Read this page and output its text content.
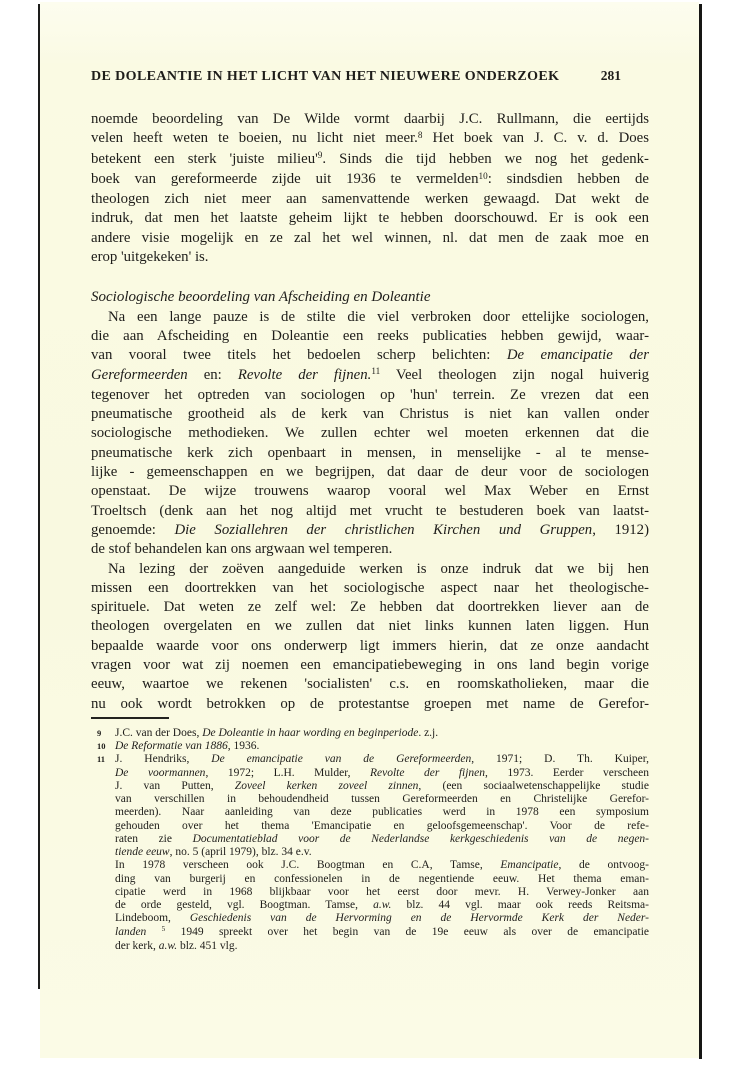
DE DOLEANTIE IN HET LICHT VAN HET NIEUWERE ONDERZOEK	281
noemde beoordeling van De Wilde vormt daarbij J.C. Rullmann, die eertijds
velen heeft weten te boeien, nu licht niet meer.$^8$ Het boek van J. C. v. d. Does
betekent een sterk 'juiste $milieu'^9$. Sinds die tijd hebben we nog het gedenk-
boek van gereformeerde zijde uit 1936 te vermelden$^{10}$: sindsdien hebben de
theologen zich niet meer aan samenvattende werken gewaagd. Dat wekt de
indruk, dat men het laatste geheim lijkt te hebben doorschouwd. Er is ook een
andere visie mogelijk en ze zal het wel winnen, nl. dat men de zaak moe en
erop 'uitgekeken' is.
Sociologische beoordeling van Afscheiding en Doleantie
Na een lange pauze is de stilte die viel verbroken door ettelijke sociologen,
die aan Afscheiding en Doleantie een reeks publicaties hebben gewijd, waar-
van vooral twee titels het bedoelen scherp belichten: De emancipatie der
Gereformeerden en: Revolte der fijnen.$^{11}$ Veel theologen zijn nogal huiverig
tegenover het optreden van sociologen op 'hun' terrein. Ze vrezen dat een
pneumatische grootheid als de kerk van Christus is niet kan vallen onder
sociologische methodieken. We zullen echter wel moeten erkennen dat die
pneumatische kerk zich openbaart in mensen, in menselijke - al te mense-
lijke - gemeenschappen en we begrijpen, dat daar de deur voor de sociologen
openstaat. De wijze trouwens waarop vooral wel Max Weber en Ernst
Troeltsch (denk aan het nog altijd met vrucht te bestuderen boek van laatst-
genoemde: Die Soziallehren der christlichen Kirchen und Gruppen, 1912)
de stof behandelen kan ons argwaan wel temperen.
Na lezing der zoëven aangeduide werken is onze indruk dat we bij hen
missen een doortrekken van het sociologische aspect naar het theologische-
spirituele. Dat weten ze zelf wel: Ze hebben dat doortrekken liever aan de
theologen overgelaten en we zullen dat niet links kunnen laten liggen. Hun
bepaalde waarde voor ons onderwerp ligt immers hierin, dat ze onze aandacht
vragen voor wat zij noemen een emancipatiebeweging in ons land begin vorige
eeuw, waartoe we rekenen 'socialisten' c.s. en roomskatholieken, maar die
nu ook wordt betrokken op de protestantse groepen met name de Gerefor-
9 J.C. van der Does, De Doleantie in haar wording en beginperiode. z.j.
10 De Reformatie van 1886, 1936.
11 J. Hendriks, De emancipatie van de Gereformeerden, 1971; D. Th. Kuiper,
De voormannen, 1972; L.H. Mulder, Revolte der fijnen, 1973. Eerder verscheen
J. van Putten, Zoveel kerken zoveel zinnen, (een sociaalwetenschappelijke studie
van verschillen in behoudendheid tussen Gereformeerden en Christelijke Gerefor-
meerden). Naar aanleiding van deze publicaties werd in 1978 een symposium
gehouden over het thema 'Emancipatie en geloofsgemeenschap'. Voor de refe-
raten zie Documentatieblad voor de Nederlandse kerkgeschiedenis van de negen-
tiende eeuw, no. 5 (april 1979), blz. 34 e.v.
In 1978 verscheen ook J.C. Boogtman en C.A, Tamse, Emancipatie, de ontvoog-
ding van burgerij en confessionelen in de negentiende eeuw. Het thema eman-
cipatie werd in 1968 blijkbaar voor het eerst door mevr. H. Verwey-Jonker aan
de orde gesteld, vgl. Boogtman. Tamse, a.w. blz. 44 vgl. maar ook reeds Reitsma-
Lindeboom, Geschiedenis van de Hervorming en de Hervormde Kerk der Neder-
landen $^5$ 1949 spreekt over het begin van de 19e eeuw als over de emancipatie
der kerk, a.w. blz. 451 vlg.
